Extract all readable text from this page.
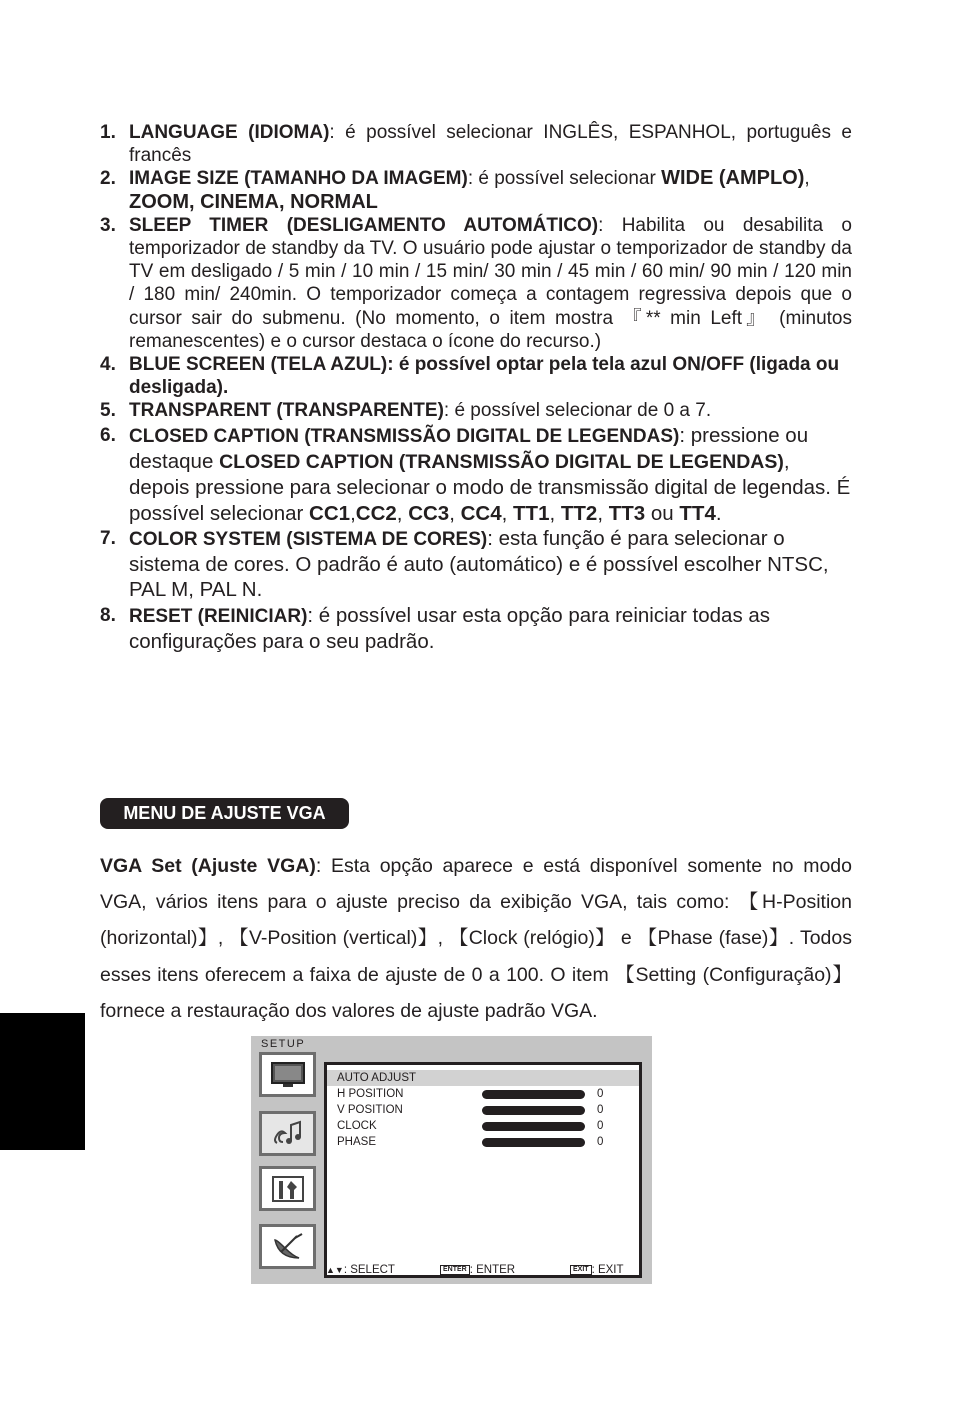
1. LANGUAGE (IDIOMA): é possível selecionar INGLÊS, ESPANHOL, português e francês
2. IMAGE SIZE (TAMANHO DA IMAGEM): é possível selecionar WIDE (AMPLO), ZOOM, CINEMA, NORMAL
3. SLEEP TIMER (DESLIGAMENTO AUTOMÁTICO): Habilita ou desabilita o temporizador de standby da TV. O usuário pode ajustar o temporizador de standby da TV em desligado / 5 min / 10 min / 15 min/ 30 min / 45 min / 60 min/ 90 min / 120 min / 180 min/ 240min. O temporizador começa a contagem regressiva depois que o cursor sair do submenu. (No momento, o item mostra 『** min Left』 (minutos remanescentes) e o cursor destaca o ícone do recurso.)
4. BLUE SCREEN (TELA AZUL): é possível optar pela tela azul ON/OFF (ligada ou desligada).
5. TRANSPARENT (TRANSPARENTE): é possível selecionar de 0 a 7.
6. CLOSED CAPTION (TRANSMISSÃO DIGITAL DE LEGENDAS): pressione ou destaque CLOSED CAPTION (TRANSMISSÃO DIGITAL DE LEGENDAS), depois pressione para selecionar o modo de transmissão digital de legendas. É possível selecionar CC1,CC2, CC3, CC4, TT1, TT2, TT3 ou TT4.
7. COLOR SYSTEM (SISTEMA DE CORES): esta função é para selecionar o sistema de cores. O padrão é auto (automático) e é possível escolher NTSC, PAL M, PAL N.
8. RESET (REINICIAR): é possível usar esta opção para reiniciar todas as configurações para o seu padrão.
MENU DE AJUSTE VGA

VGA Set (Ajuste VGA): Esta opção aparece e está disponível somente no modo VGA, vários itens para o ajuste preciso da exibição VGA, tais como: 【H-Position (horizontal)】, 【V-Position (vertical)】, 【Clock (relógio)】 e 【Phase (fase)】. Todos esses itens oferecem a faixa de ajuste de 0 a 100. O item 【Setting (Configuração)】 fornece a restauração dos valores de ajuste padrão VGA.

SETUP
AUTO ADJUST
H POSITION	0
V POSITION	0
CLOCK	0
PHASE	0
▲▼: SELECT	ENTER : ENTER	EXIT : EXIT
